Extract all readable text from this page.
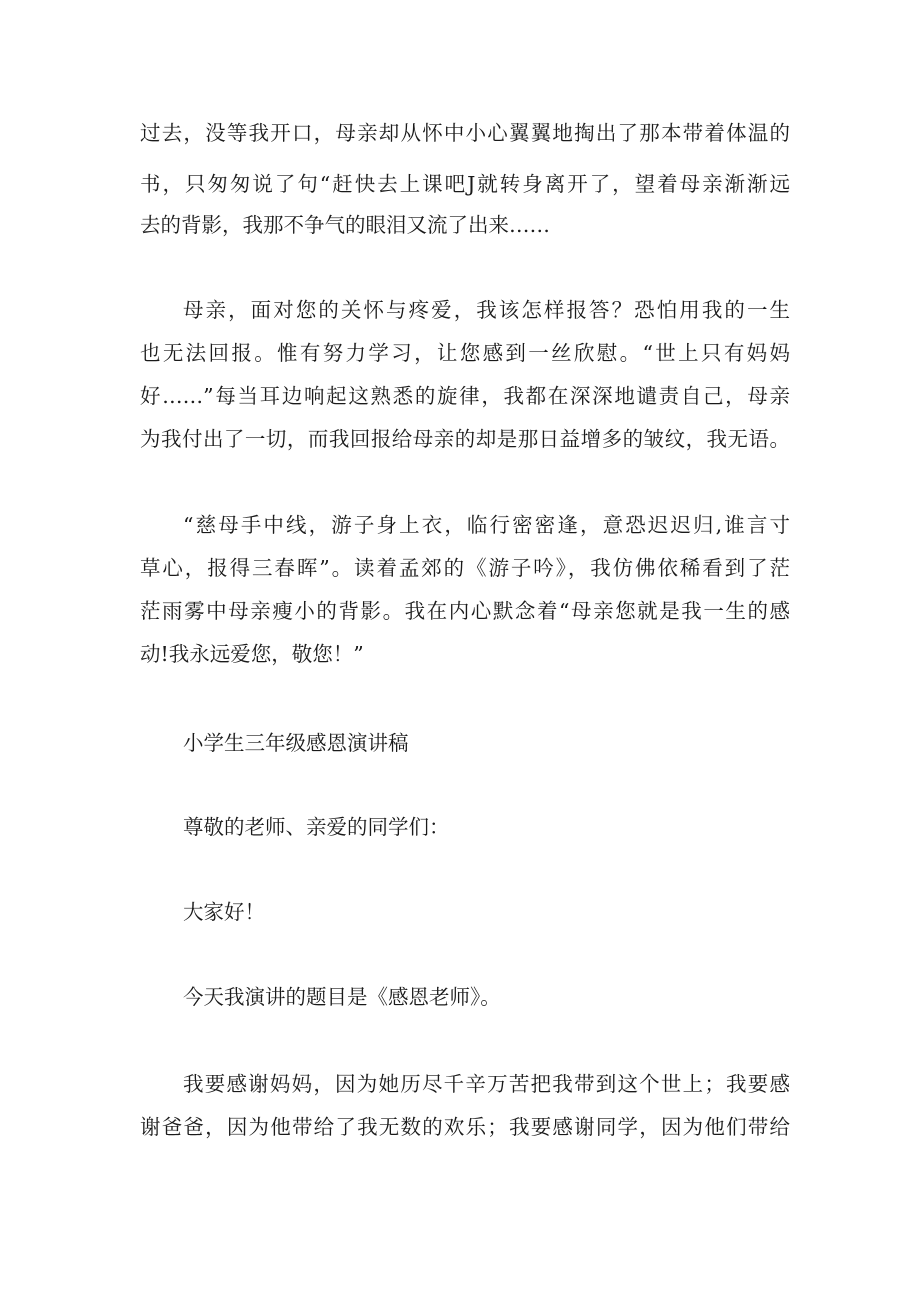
过去，没等我开口，母亲却从怀中小心翼翼地掏出了那本带着体温的

书，只匆匆说了句“赶快去上课吧J就转身离开了，望着母亲渐渐远

去的背影，我那不争气的眼泪又流了出来……

母亲，面对您的关怀与疼爱，我该怎样报答？恐怕用我的一生

也无法回报。惟有努力学习，让您感到一丝欣慰。“世上只有妈妈

好……”每当耳边响起这熟悉的旋律，我都在深深地谴责自己，母亲

为我付出了一切，而我回报给母亲的却是那日益增多的皱纹，我无语。

“慈母手中线，游子身上衣，临行密密逢，意恐迟迟归,谁言寸

草心，报得三春晖”。读着孟郊的《游子吟》，我仿佛依稀看到了茫

茫雨雾中母亲瘦小的背影。我在内心默念着“母亲您就是我一生的感

动!我永远爱您，敬您！”

小学生三年级感恩演讲稿

尊敬的老师、亲爱的同学们：

大家好！

今天我演讲的题目是《感恩老师》。

我要感谢妈妈，因为她历尽千辛万苦把我带到这个世上；我要感

谢爸爸，因为他带给了我无数的欢乐；我要感谢同学，因为他们带给
